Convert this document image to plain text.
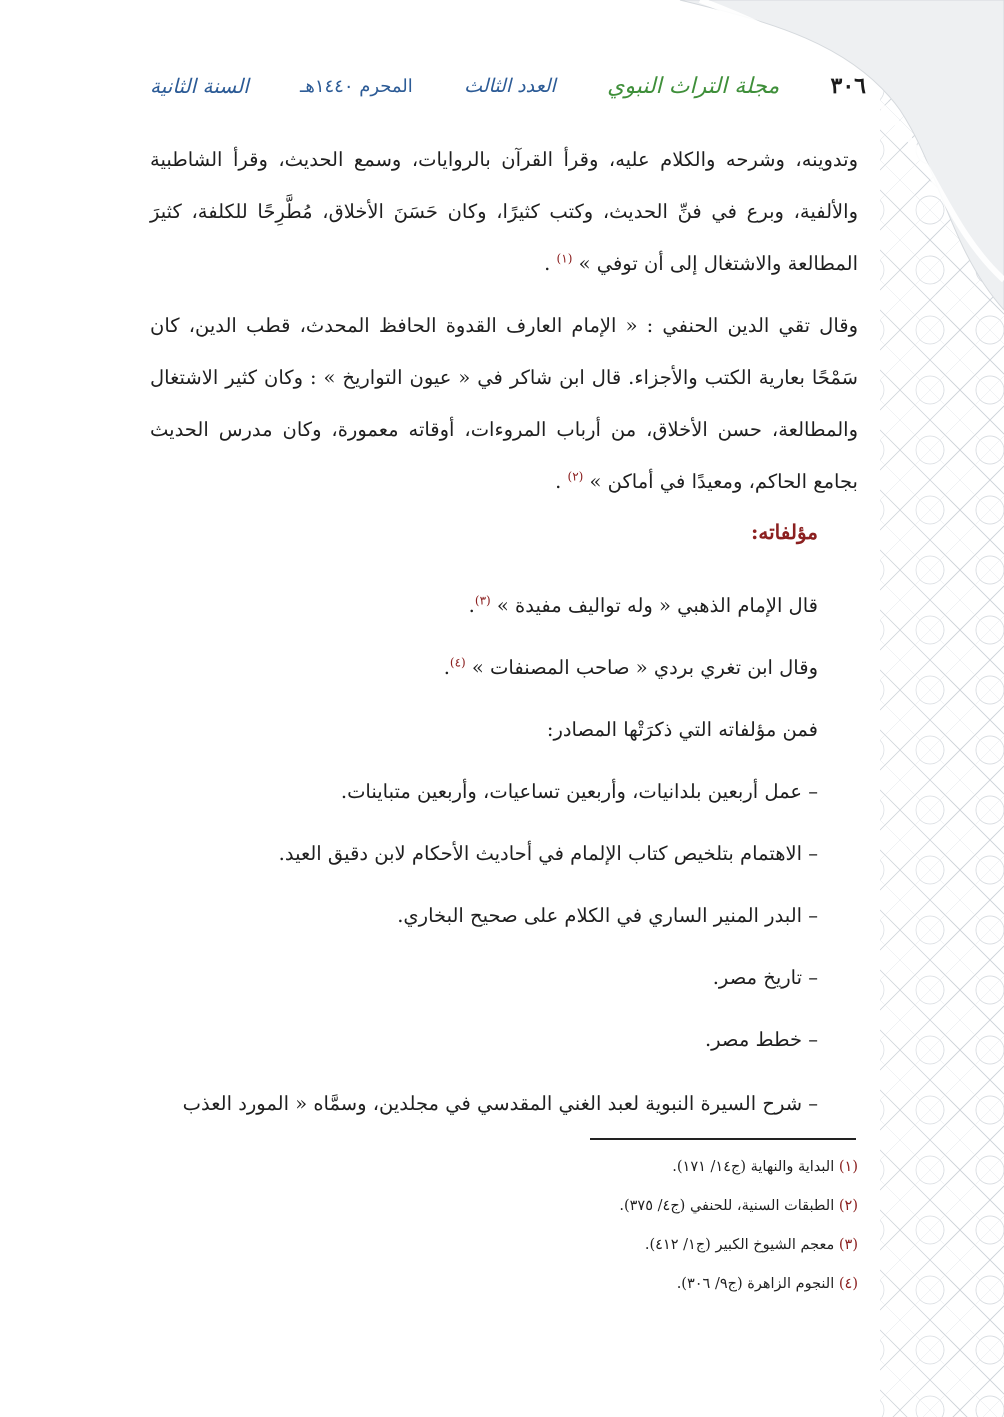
٣٠٦
مجلة التراث النبوي
العدد الثالث
المحرم ١٤٤٠هـ
السنة الثانية

وتدوينه، وشرحه والكلام عليه، وقرأ القرآن بالروايات، وسمع الحديث، وقرأ الشاطبية والألفية، وبرع في فنِّ الحديث، وكتب كثيرًا، وكان حَسَنَ الأخلاق، مُطَّرِحًا للكلفة، كثيرَ المطالعة والاشتغال إلى أن توفي » $^{(١)}$ .

وقال تقي الدين الحنفي : « الإمام العارف القدوة الحافظ المحدث، قطب الدين، كان سَمْحًا بعارية الكتب والأجزاء. قال ابن شاكر في « عيون التواريخ » : وكان كثير الاشتغال والمطالعة، حسن الأخلاق، من أرباب المروءات، أوقاته معمورة، وكان مدرس الحديث بجامع الحاكم، ومعيدًا في أماكن » $^{(٢)}$ .

مؤلفاته:
قال الإمام الذهبي « وله تواليف مفيدة » $^{(٣)}$.
وقال ابن تغري بردي « صاحب المصنفات » $^{(٤)}$.
فمن مؤلفاته التي ذكرَتْها المصادر:
– عمل أربعين بلدانيات، وأربعين تساعيات، وأربعين متباينات.
– الاهتمام بتلخيص كتاب الإلمام في أحاديث الأحكام لابن دقيق العيد.
– البدر المنير الساري في الكلام على صحيح البخاري.
– تاريخ مصر.
– خطط مصر.
– شرح السيرة النبوية لعبد الغني المقدسي في مجلدين، وسمَّاه « المورد العذب
(١) البداية والنهاية (ج١٤/ ١٧١).
(٢) الطبقات السنية، للحنفي (ج٤/ ٣٧٥).
(٣) معجم الشيوخ الكبير (ج١/ ٤١٢).
(٤) النجوم الزاهرة (ج٩/ ٣٠٦).
